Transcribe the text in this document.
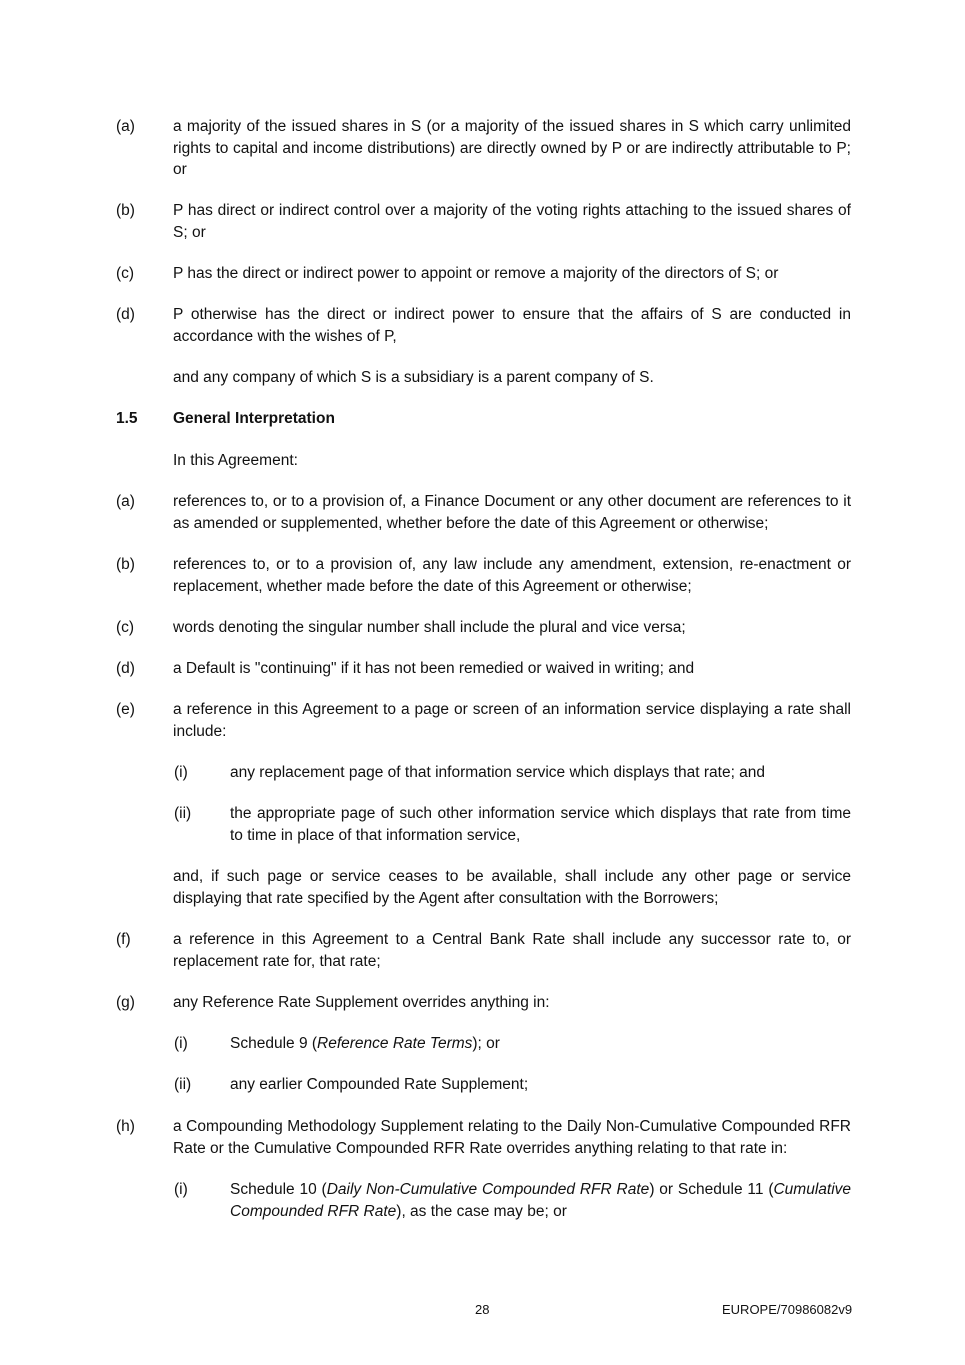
(a) a majority of the issued shares in S (or a majority of the issued shares in S which carry unlimited rights to capital and income distributions) are directly owned by P or are indirectly attributable to P; or
(b) P has direct or indirect control over a majority of the voting rights attaching to the issued shares of S; or
(c)	P has the direct or indirect power to appoint or remove a majority of the directors of S; or
(d) P otherwise has the direct or indirect power to ensure that the affairs of S are conducted in accordance with the wishes of P,
and any company of which S is a subsidiary is a parent company of S.
1.5 General Interpretation
In this Agreement:
(a) references to, or to a provision of, a Finance Document or any other document are references to it as amended or supplemented, whether before the date of this Agreement or otherwise;
(b) references to, or to a provision of, any law include any amendment, extension, re-enactment or replacement, whether made before the date of this Agreement or otherwise;
(c)	words denoting the singular number shall include the plural and vice versa;
(d) a Default is "continuing" if it has not been remedied or waived in writing; and
(e) a reference in this Agreement to a page or screen of an information service displaying a rate shall include:
(i)	any replacement page of that information service which displays that rate; and
(ii)	the appropriate page of such other information service which displays that rate from time to time in place of that information service,
and, if such page or service ceases to be available, shall include any other page or service displaying that rate specified by the Agent after consultation with the Borrowers;
(f)	a reference in this Agreement to a Central Bank Rate shall include any successor rate to, or replacement rate for, that rate;
(g) any Reference Rate Supplement overrides anything in:
(i)	Schedule 9 (Reference Rate Terms); or
(ii)	any earlier Compounded Rate Supplement;
(h) a Compounding Methodology Supplement relating to the Daily Non-Cumulative Compounded RFR Rate or the Cumulative Compounded RFR Rate overrides anything relating to that rate in:
(i)	Schedule 10 (Daily Non-Cumulative Compounded RFR Rate) or Schedule 11 (Cumulative Compounded RFR Rate), as the case may be; or
28	EUROPE/70986082v9
